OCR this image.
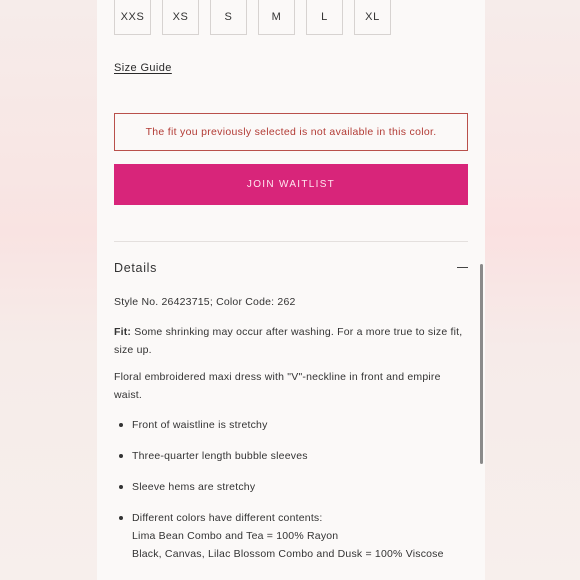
XXS	XS	S	M	L	XL
Size Guide
The fit you previously selected is not available in this color.
JOIN WAITLIST
Details
Style No. 26423715; Color Code: 262
Fit: Some shrinking may occur after washing. For a more true to size fit, size up.
Floral embroidered maxi dress with "V"-neckline in front and empire waist.
Front of waistline is stretchy
Three-quarter length bubble sleeves
Sleeve hems are stretchy
Different colors have different contents:
Lima Bean Combo and Tea = 100% Rayon
Black, Canvas, Lilac Blossom Combo and Dusk = 100% Viscose
